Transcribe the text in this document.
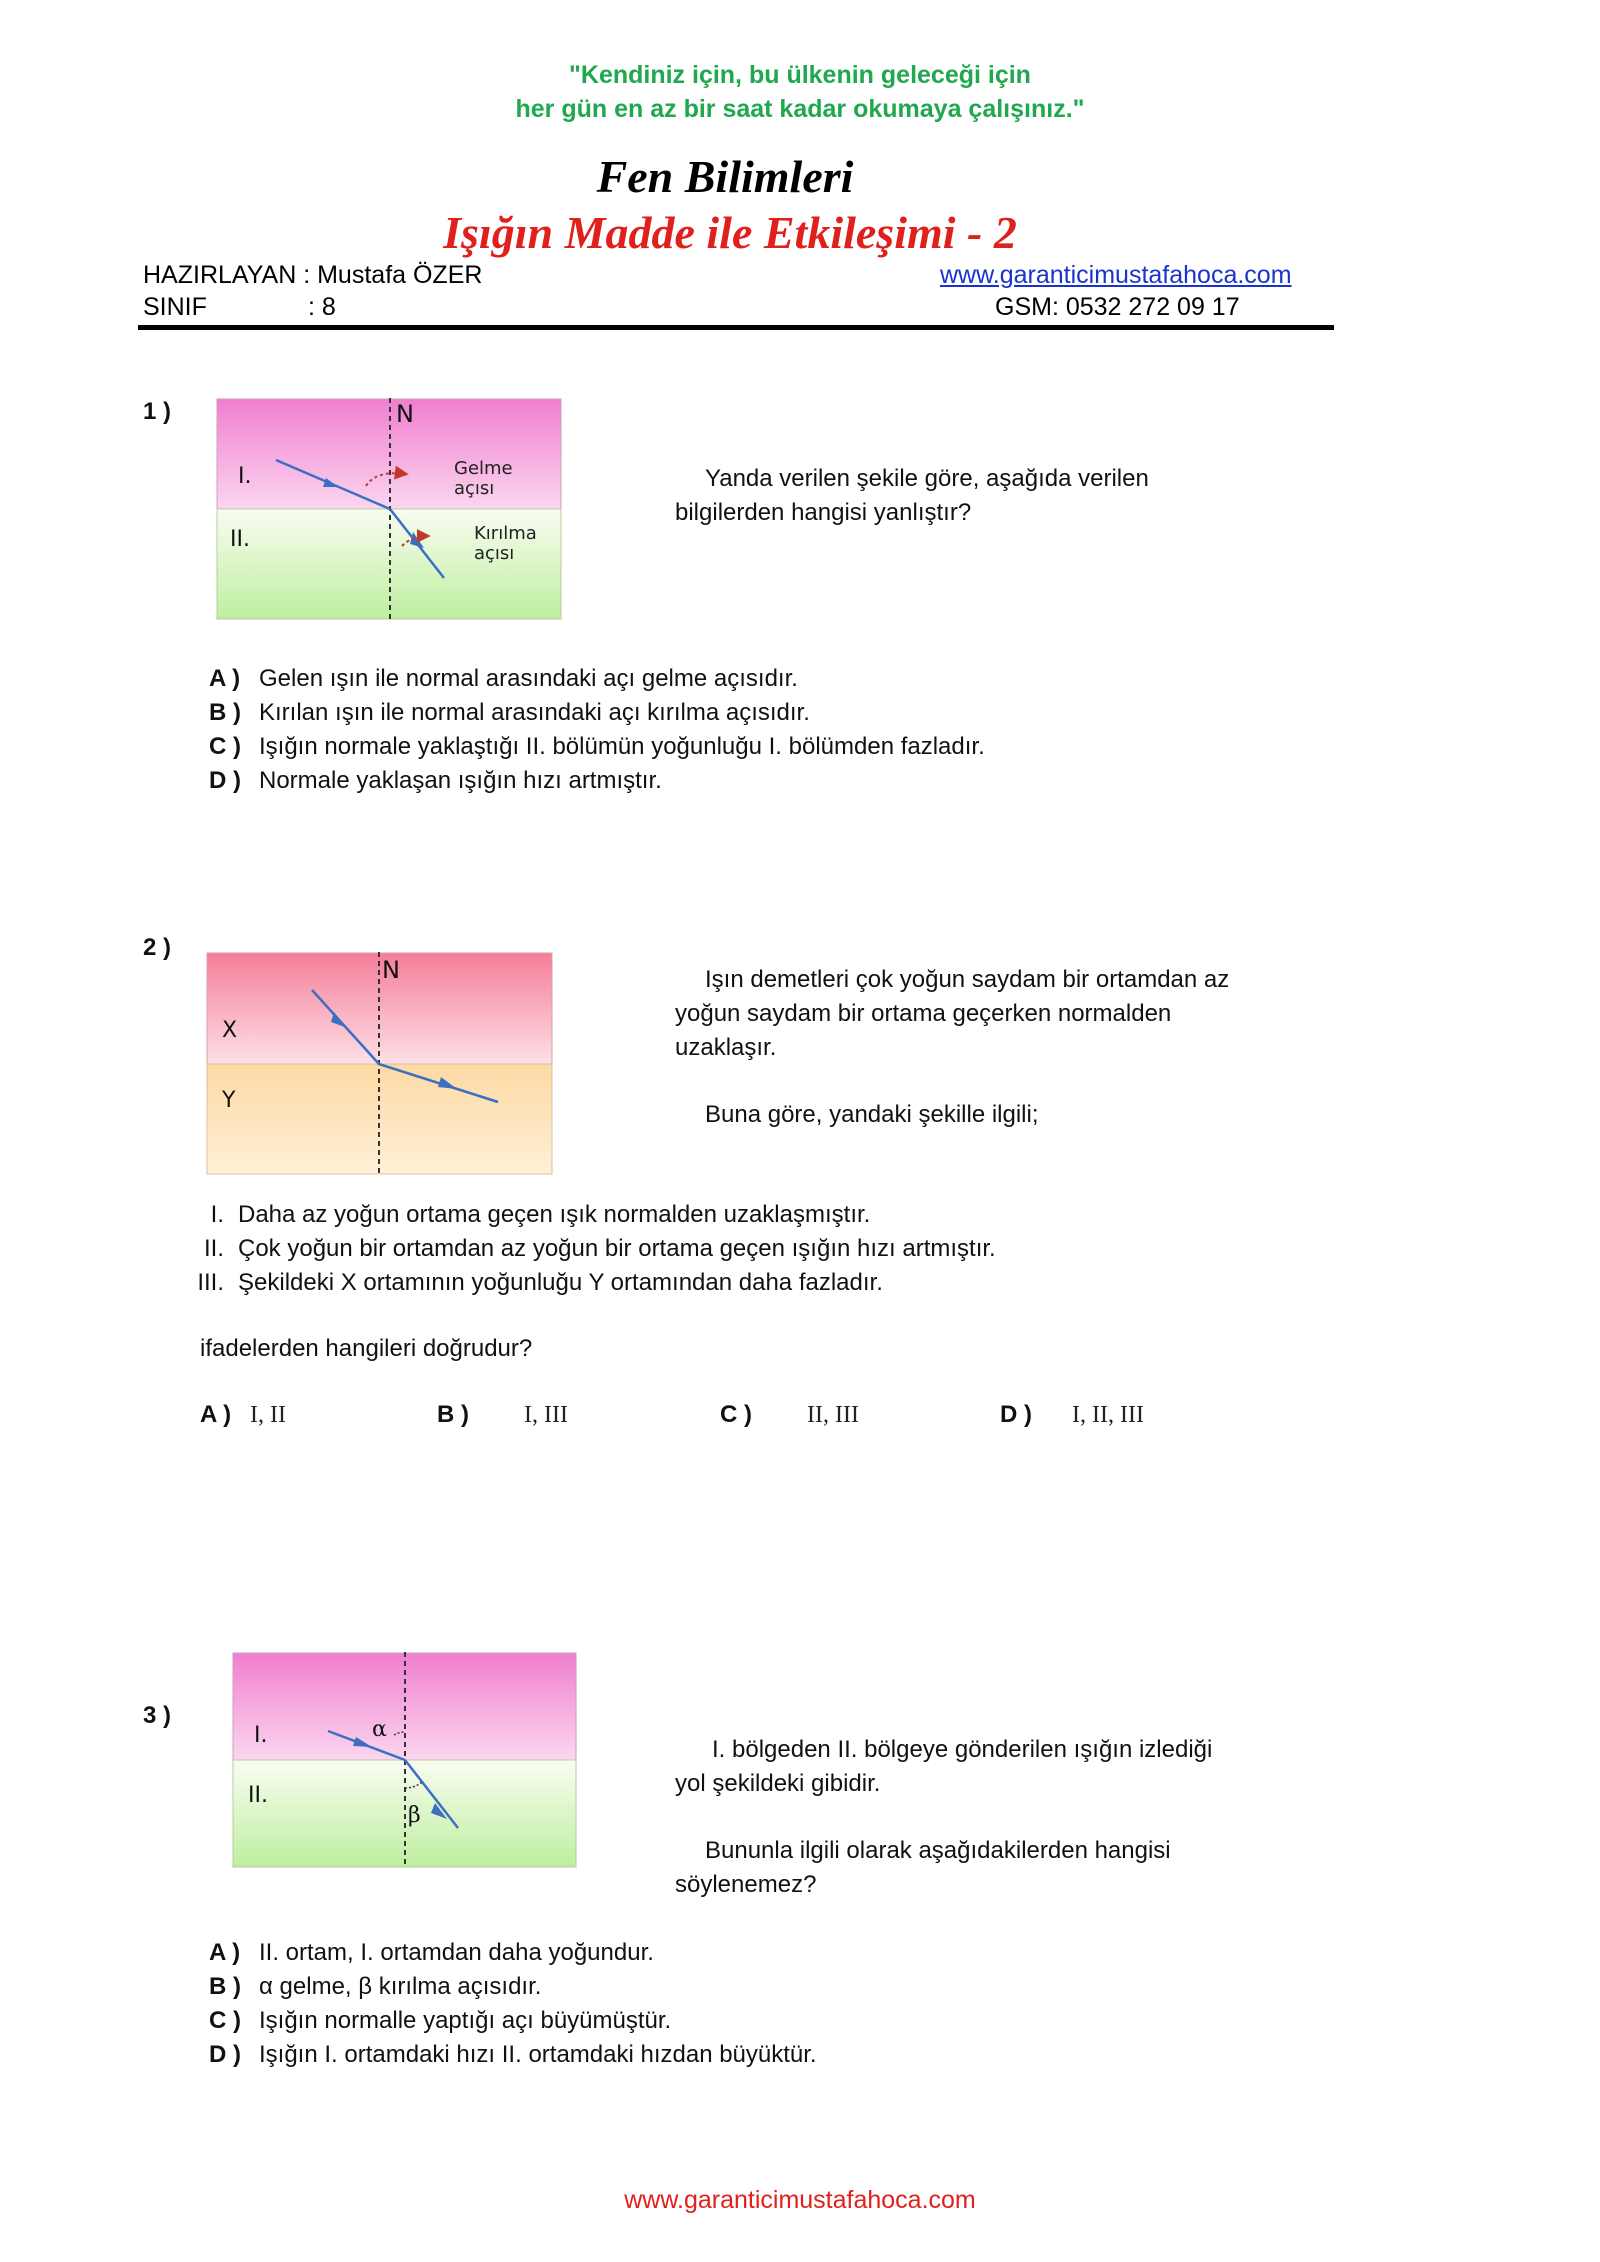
"Kendiniz için, bu ülkenin geleceği için
her gün en az bir saat kadar okumaya çalışınız."
Fen Bilimleri
Işığın Madde ile Etkileşimi - 2
HAZIRLAYAN : Mustafa ÖZER	www.garanticimustafahoca.com
SINIF	: 8	GSM: 0532 272 09 17
1 )	N
I.
II.
Gelme
açısı
Kırılma
açısı
Yanda verilen şekile göre, aşağıda verilen
bilgilerden hangisi yanlıştır?
A ) Gelen ışın ile normal arasındaki açı gelme açısıdır.
B ) Kırılan ışın ile normal arasındaki açı kırılma açısıdır.
C ) Işığın normale yaklaştığı II. bölümün yoğunluğu I. bölümden fazladır.
D ) Normale yaklaşan ışığın hızı artmıştır.
2 )
N
X
Y
Işın demetleri çok yoğun saydam bir ortamdan az
yoğun saydam bir ortama geçerken normalden
uzaklaşır.
Buna göre, yandaki şekille ilgili;
I. Daha az yoğun ortama geçen ışık normalden uzaklaşmıştır.
II. Çok yoğun bir ortamdan az yoğun bir ortama geçen ışığın hızı artmıştır.
III. Şekildeki X ortamının yoğunluğu Y ortamından daha fazladır.
ifadelerden hangileri doğrudur?
A ) I, II	B ) I, III	C ) II, III	D ) I, II, III
3 )
I.
II.
α
β
I. bölgeden II. bölgeye gönderilen ışığın izlediği
yol şekildeki gibidir.
Bununla ilgili olarak aşağıdakilerden hangisi
söylenemez?
A ) II. ortam, I. ortamdan daha yoğundur.
B ) α gelme, β kırılma açısıdır.
C ) Işığın normalle yaptığı açı büyümüştür.
D ) Işığın I. ortamdaki hızı II. ortamdaki hızdan büyüktür.
www.garanticimustafahoca.com
